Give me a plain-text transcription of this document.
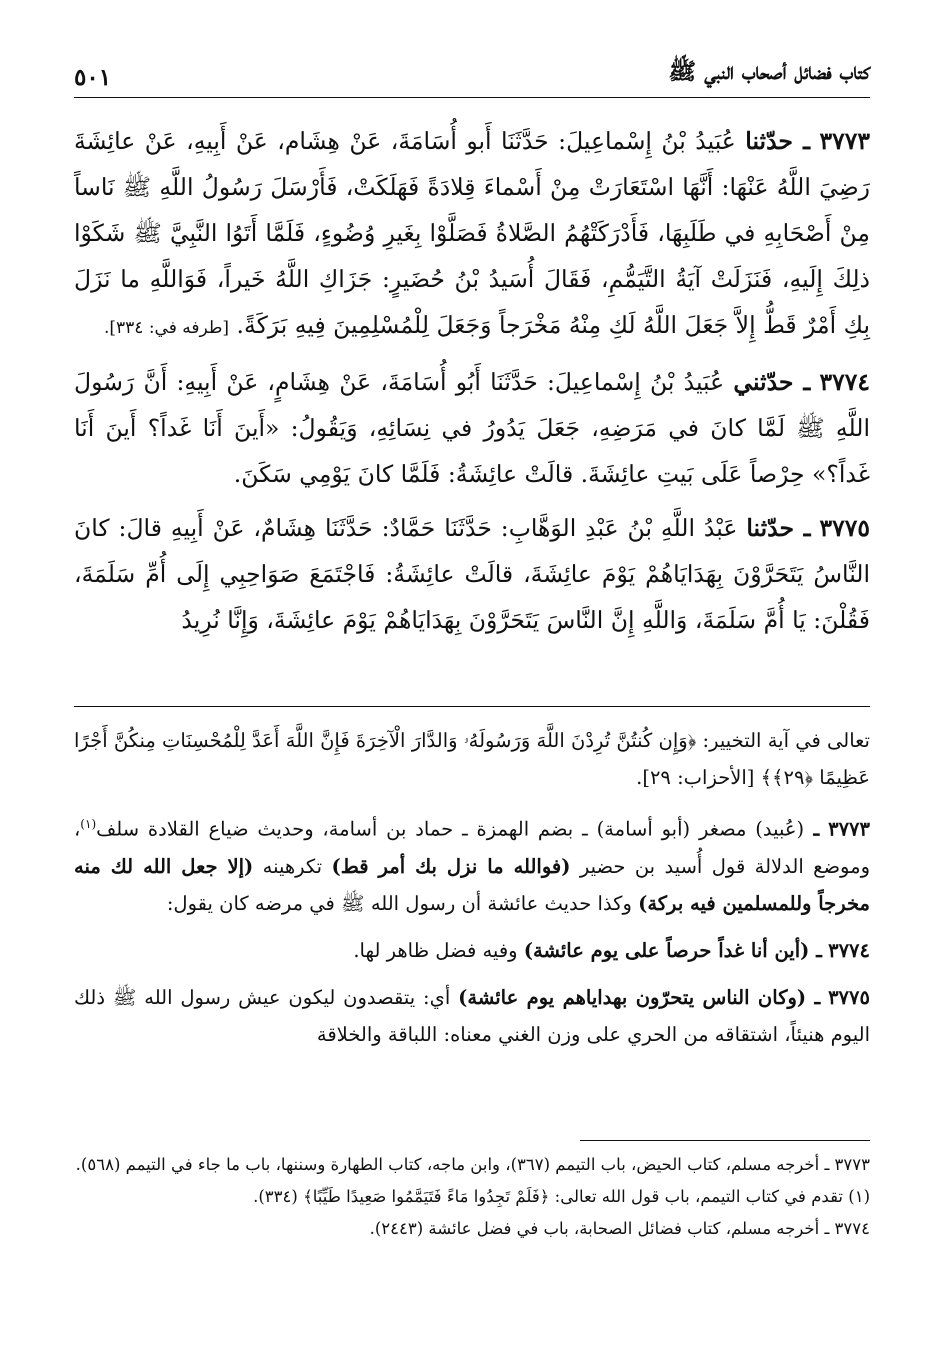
كتاب فضائل أصحاب النبي ﷺ
٥٠١

٣٧٧٣ ـ حدّثنا عُبَيدُ بْنُ إِسْماعِيلَ: حَدَّثَنَا أَبو أُسَامَةَ، عَنْ هِشَام، عَنْ أَبِيهِ، عَنْ عائِشَةَ رَضِيَ اللَّهُ عَنْهَا: أَنَّهَا اسْتَعَارَتْ مِنْ أَسْماءَ قِلادَةً فَهَلَكَتْ، فَأَرْسَلَ رَسُولُ اللَّهِ ﷺ نَاساً مِنْ أَصْحَابِهِ في طَلَبِهَا، فَأَدْرَكَتْهُمُ الصَّلاةُ فَصَلَّوْا بِغَيرِ وُضُوءٍ، فَلَمَّا أَتَوُا النَّبِيَّ ﷺ شَكَوْا ذلِكَ إِلَيهِ، فَنَزَلَتْ آيَةُ التَّيَمُّمِ، فَقَالَ أُسَيدُ بْنُ حُضَيرٍ: جَزَاكِ اللَّهُ خَيراً، فَوَاللَّهِ ما نَزَلَ بِكِ أَمْرٌ قَطُّ إِلاَّ جَعَلَ اللَّهُ لَكِ مِنْهُ مَخْرَجاً وَجَعَلَ لِلْمُسْلِمِينَ فِيهِ بَرَكَةً. [طرفه في: ٣٣٤].

٣٧٧٤ ـ حدّثني عُبَيدُ بْنُ إِسْماعِيلَ: حَدَّثَنَا أَبُو أُسَامَةَ، عَنْ هِشَامٍ، عَنْ أَبِيهِ: أَنَّ رَسُولَ اللَّهِ ﷺ لَمَّا كانَ في مَرَضِهِ، جَعَلَ يَدُورُ في نِسَائِهِ، وَيَقُولُ: «أَينَ أَنَا غَداً؟ أَينَ أَنَا غَداً؟» حِرْصاً عَلَى بَيتِ عائِشَةَ. قالَتْ عائِشَةُ: فَلَمَّا كانَ يَوْمِي سَكَنَ.

٣٧٧٥ ـ حدّثنا عَبْدُ اللَّهِ بْنُ عَبْدِ الوَهَّابِ: حَدَّثَنَا حَمَّادٌ: حَدَّثَنَا هِشَامٌ، عَنْ أَبِيهِ قالَ: كانَ النَّاسُ يَتَحَرَّوْنَ بِهَدَايَاهُمْ يَوْمَ عائِشَةَ، قالَتْ عائِشَةُ: فَاجْتَمَعَ صَوَاحِبِي إِلَى أُمِّ سَلَمَةَ، فَقُلْنَ: يَا أُمَّ سَلَمَةَ، وَاللَّهِ إِنَّ النَّاسَ يَتَحَرَّوْنَ بِهَدَايَاهُمْ يَوْمَ عائِشَةَ، وَإِنَّا نُرِيدُ

تعالى في آية التخيير: ﴿وَإِن كُنتُنَّ تُرِدْنَ اللَّهَ وَرَسُولَهُۥ وَالدَّارَ الْآخِرَةَ فَإِنَّ اللَّهَ أَعَدَّ لِلْمُحْسِنَاتِ مِنكُنَّ أَجْرًا عَظِيمًا ﴿٢٩﴾﴾ [الأحزاب: ٢٩].

٣٧٧٣ ـ (عُبيد) مصغر (أبو أسامة) ـ بضم الهمزة ـ حماد بن أسامة، وحديث ضياع القلادة سلف$^{(١)}$، وموضع الدلالة قول أُسيد بن حضير (فوالله ما نزل بك أمر قط) تكرهينه (إلا جعل الله لك منه مخرجاً وللمسلمين فيه بركة) وكذا حديث عائشة أن رسول الله ﷺ في مرضه كان يقول:

٣٧٧٤ ـ (أين أنا غداً حرصاً على يوم عائشة) وفيه فضل ظاهر لها.

٣٧٧٥ ـ (وكان الناس يتحرّون بهداياهم يوم عائشة) أي: يتقصدون ليكون عيش رسول الله ﷺ ذلك اليوم هنيئاً، اشتقاقه من الحري على وزن الغني معناه: اللباقة والخلاقة

٣٧٧٣ ـ أخرجه مسلم، كتاب الحيض، باب التيمم (٣٦٧)، وابن ماجه، كتاب الطهارة وسننها، باب ما جاء في التيمم (٥٦٨).

(١) تقدم في كتاب التيمم، باب قول الله تعالى: ﴿فَلَمْ تَجِدُوا مَاءً فَتَيَمَّمُوا صَعِيدًا طَيِّبًا﴾ (٣٣٤).

٣٧٧٤ ـ أخرجه مسلم، كتاب فضائل الصحابة، باب في فضل عائشة (٢٤٤٣).
